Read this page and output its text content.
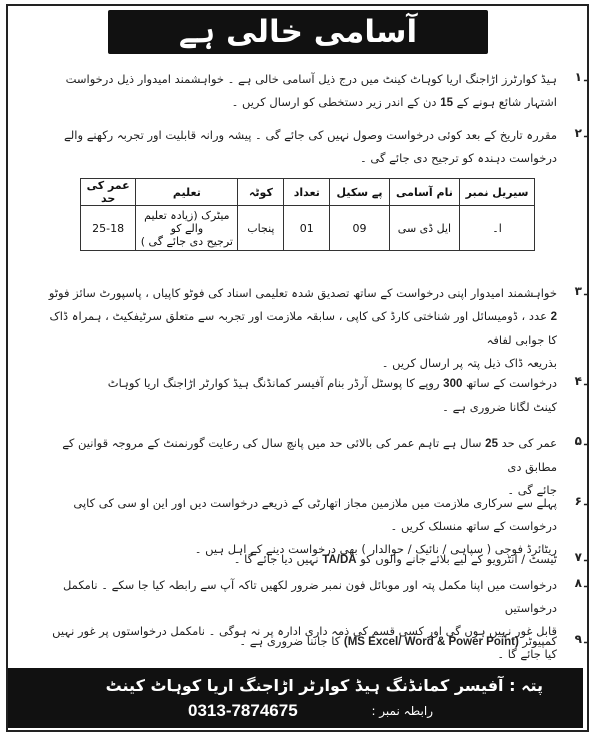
آسامی خالی ہے
ہیڈ کوارٹرز اڑاجنگ اریا کوہاٹ کینٹ میں درج ذیل آسامی خالی ہے ۔ خواہشمند امیدوار ذیل درخواست
اشتہار شائع ہونے کے 15 دن کے اندر زیر دستخطی کو ارسال کریں ۔
۱۔
مقررہ تاریخ کے بعد کوئی درخواست وصول نہیں کی جائے گی ۔ پیشہ ورانہ قابلیت اور تجربہ رکھنے والے
درخواست دہندہ کو ترجیح دی جائے گی ۔
۲۔
سیریل نمبر	نام آسامی	پے سکیل	تعداد	کوٹہ	تعلیم	عمر کی حد
ا۔	ایل ڈی سی	09	01	پنجاب	میٹرک (زیادہ تعلیم والے کو
ترجیح دی جائے گی )	25-18
خواہشمند امیدوار اپنی درخواست کے ساتھ تصدیق شدہ تعلیمی اسناد کی فوٹو کاپیاں ، پاسپورٹ سائز فوٹو
2 عدد ، ڈومیسائل اور شناختی کارڈ کی کاپی ، سابقہ ملازمت اور تجربہ سے متعلق سرٹیفکیٹ ، ہمراہ ڈاک کا جوابی لفافہ
بذریعہ ڈاک ذیل پتہ پر ارسال کریں ۔
۳۔
درخواست کے ساتھ 300 روپے کا پوسٹل آرڈر بنام آفیسر کمانڈنگ ہیڈ کوارٹر اڑاجنگ اریا کوہاٹ
کینٹ لگانا ضروری ہے ۔
۴۔
عمر کی حد 25 سال ہے تاہم عمر کی بالائی حد میں پانچ سال کی رعایت گورنمنٹ کے مروجہ قوانین کے مطابق دی
جائے گی ۔
۵۔
پہلے سے سرکاری ملازمت میں ملازمین مجاز اتھارٹی کے ذریعے درخواست دیں اور این او سی کی کاپی درخواست کے ساتھ منسلک کریں ۔
ریٹائرڈ فوجی ( سپاہی / نائیک / حوالدار ) بھی درخواست دینے کے اہل ہیں ۔
۶۔
ٹیسٹ / انٹرویو کے لیے بلائے جانے والوں کو TA/DA نہیں دیا جائے گا ۔	۷۔
درخواست میں اپنا مکمل پتہ اور موبائل فون نمبر ضرور لکھیں تاکہ آپ سے رابطہ کیا جا سکے ۔ نامکمل درخواستیں
قابل غور نہیں ہوں گی اور کسی قسم کی ذمہ داری ادارہ پر نہ ہوگی ۔ نامکمل درخواستوں پر غور نہیں کیا جائے گا ۔
۸۔
کمپیوٹر (MS Excel/ Word & Power Point) کا جاننا ضروری ہے ۔	۹۔
پتہ : آفیسر کمانڈنگ ہیڈ کوارٹر اڑاجنگ اریا کوہاٹ کینٹ
رابطہ نمبر :
0313-7874675
